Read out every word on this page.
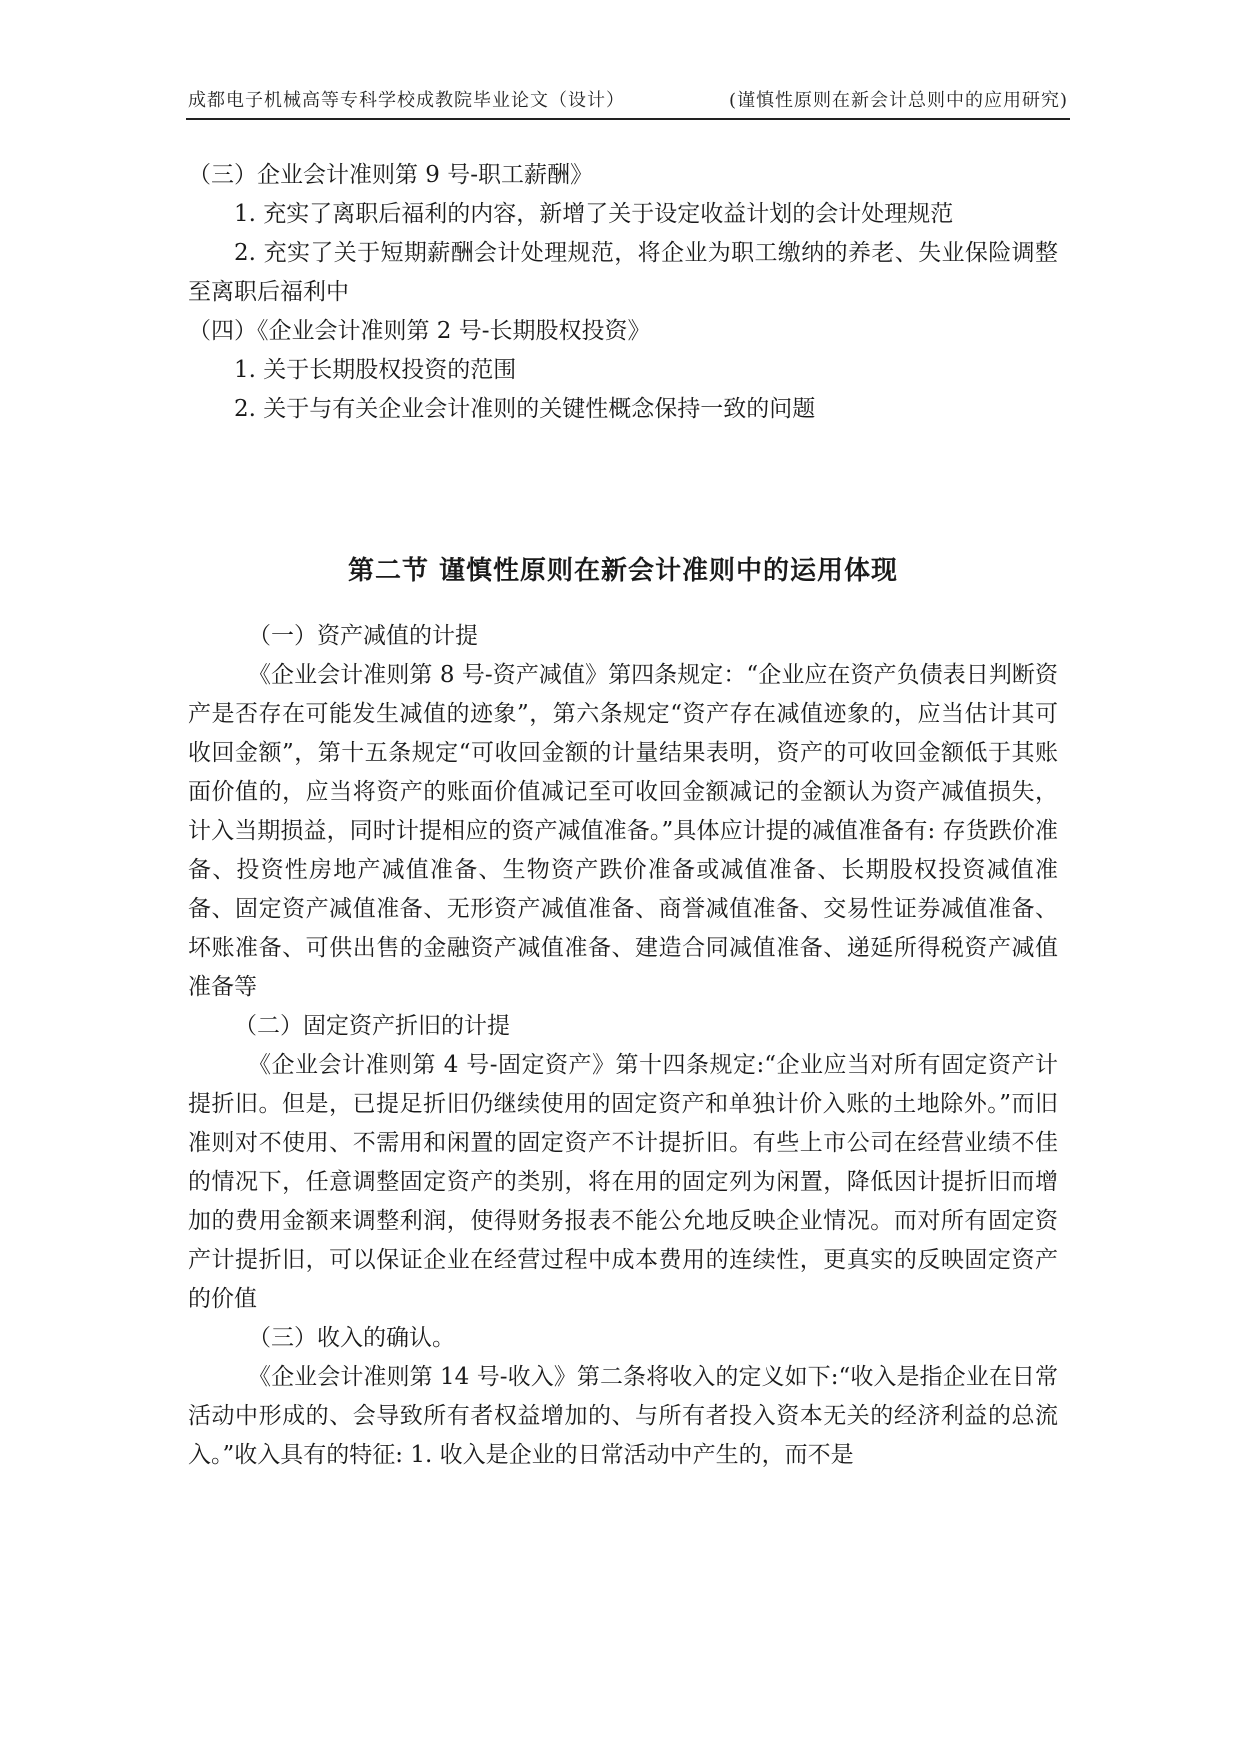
成都电子机械高等专科学校成教院毕业论文（设计）	(谨慎性原则在新会计总则中的应用研究)

（三）企业会计准则第 9 号-职工薪酬》

1. 充实了离职后福利的内容，新增了关于设定收益计划的会计处理规范

2. 充实了关于短期薪酬会计处理规范，将企业为职工缴纳的养老、失业保险调整至离职后福利中

（四）《企业会计准则第 2 号-长期股权投资》

1. 关于长期股权投资的范围

2. 关于与有关企业会计准则的关键性概念保持一致的问题

第二节 谨慎性原则在新会计准则中的运用体现

（一）资产减值的计提

《企业会计准则第 8 号-资产减值》第四条规定：“企业应在资产负债表日判断资产是否存在可能发生减值的迹象”，第六条规定“资产存在减值迹象的，应当估计其可收回金额”，第十五条规定“可收回金额的计量结果表明，资产的可收回金额低于其账面价值的，应当将资产的账面价值减记至可收回金额减记的金额认为资产减值损失，计入当期损益，同时计提相应的资产减值准备。”具体应计提的减值准备有: 存货跌价准备、投资性房地产减值准备、生物资产跌价准备或减值准备、长期股权投资减值准备、固定资产减值准备、无形资产减值准备、商誉减值准备、交易性证券减值准备、坏账准备、可供出售的金融资产减值准备、建造合同减值准备、递延所得税资产减值准备等

（二）固定资产折旧的计提

《企业会计准则第 4 号-固定资产》第十四条规定:“企业应当对所有固定资产计提折旧。但是，已提足折旧仍继续使用的固定资产和单独计价入账的土地除外。”而旧准则对不使用、不需用和闲置的固定资产不计提折旧。有些上市公司在经营业绩不佳的情况下，任意调整固定资产的类别，将在用的固定列为闲置，降低因计提折旧而增加的费用金额来调整利润，使得财务报表不能公允地反映企业情况。而对所有固定资产计提折旧，可以保证企业在经营过程中成本费用的连续性，更真实的反映固定资产的价值

（三）收入的确认。

《企业会计准则第 14 号-收入》第二条将收入的定义如下:“收入是指企业在日常活动中形成的、会导致所有者权益增加的、与所有者投入资本无关的经济利益的总流入。”收入具有的特征: 1. 收入是企业的日常活动中产生的，而不是
